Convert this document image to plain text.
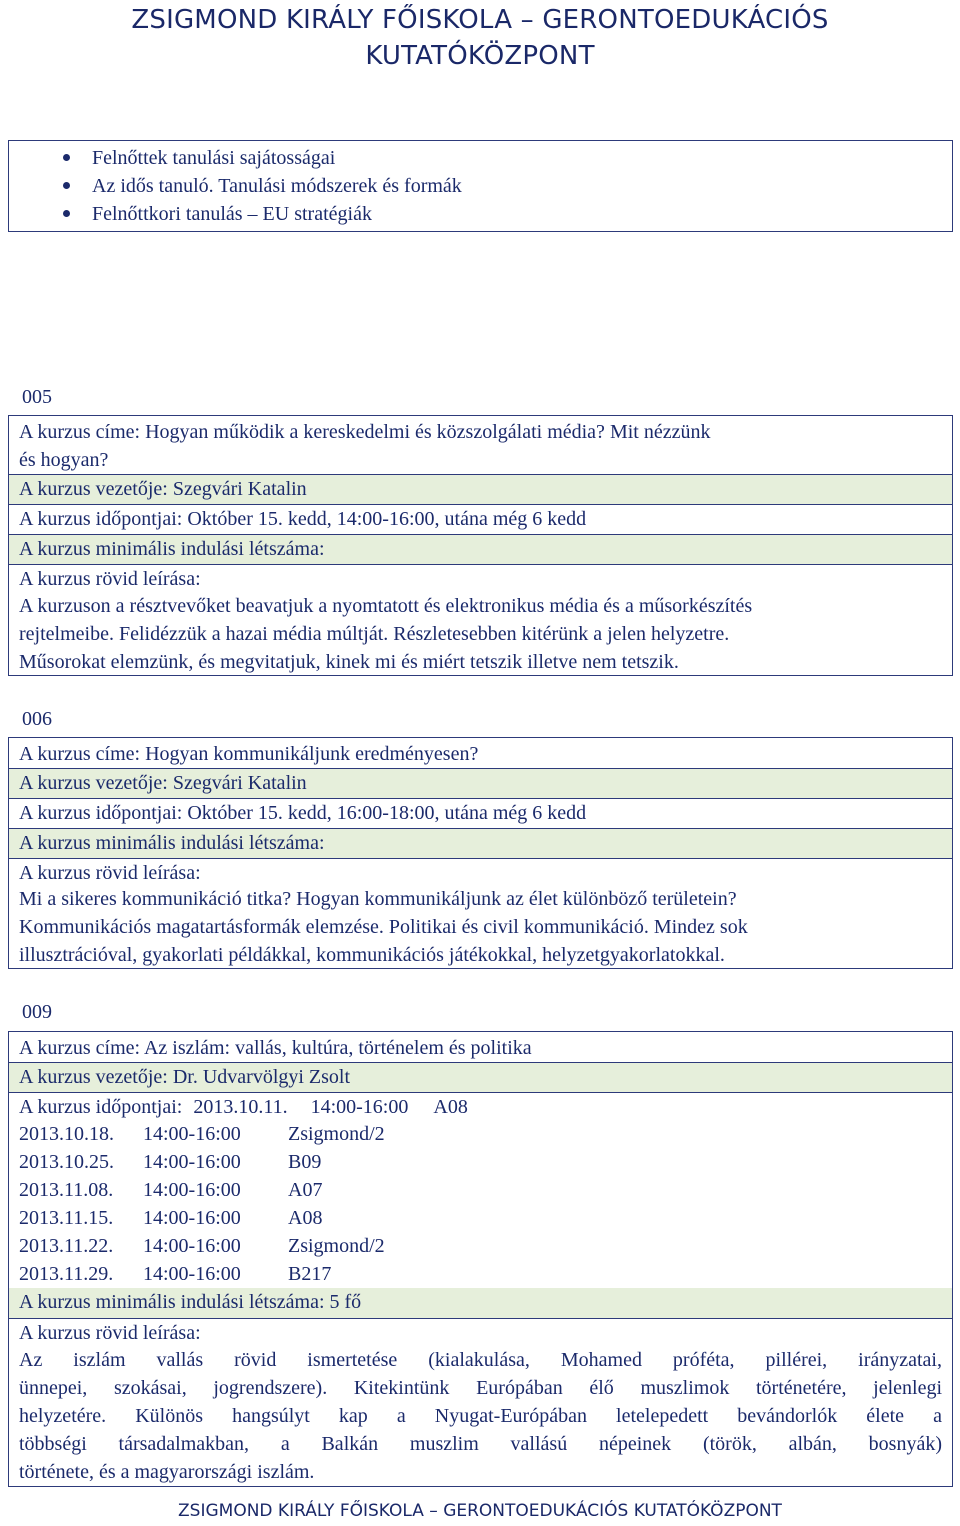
ZSIGMOND KIRÁLY FŐISKOLA – GERONTOEDUKÁCIÓS
KUTATÓKÖZPONT
Felnőttek tanulási sajátosságai
Az idős tanuló. Tanulási módszerek és formák
Felnőttkori tanulás – EU stratégiák
005
A kurzus címe: Hogyan működik a kereskedelmi és közszolgálati média? Mit nézzünk
és hogyan?
A kurzus vezetője: Szegvári Katalin
A kurzus időpontjai: Október 15. kedd, 14:00-16:00, utána még 6 kedd
A kurzus minimális indulási létszáma:
A kurzus rövid leírása:
A kurzuson a résztvevőket beavatjuk a nyomtatott és elektronikus média és a műsorkészítés
rejtelmeibe. Felidézzük a hazai média múltját. Részletesebben kitérünk a jelen helyzetre.
Műsorokat elemzünk, és megvitatjuk, kinek mi és miért tetszik illetve nem tetszik.
006
A kurzus címe: Hogyan kommunikáljunk eredményesen?
A kurzus vezetője: Szegvári Katalin
A kurzus időpontjai: Október 15. kedd, 16:00-18:00, utána még 6 kedd
A kurzus minimális indulási létszáma:
A kurzus rövid leírása:
Mi a sikeres kommunikáció titka? Hogyan kommunikáljunk az élet különböző területein?
Kommunikációs magatartásformák elemzése. Politikai és civil kommunikáció. Mindez sok
illusztrációval, gyakorlati példákkal, kommunikációs játékokkal, helyzetgyakorlatokkal.
009
A kurzus címe: Az iszlám: vallás, kultúra, történelem és politika
A kurzus vezetője: Dr. Udvarvölgyi Zsolt
A kurzus időpontjai: 2013.10.11. 14:00-16:00 A08
2013.10.18. 14:00-16:00 Zsigmond/2
2013.10.25. 14:00-16:00 B09
2013.11.08. 14:00-16:00 A07
2013.11.15. 14:00-16:00 A08
2013.11.22. 14:00-16:00 Zsigmond/2
2013.11.29. 14:00-16:00 B217
A kurzus minimális indulási létszáma: 5 fő
A kurzus rövid leírása:
Az iszlám vallás rövid ismertetése (kialakulása, Mohamed próféta, pillérei, irányzatai,
ünnepei, szokásai, jogrendszere). Kitekintünk Európában élő muszlimok történetére, jelenlegi
helyzetére. Különös hangsúlyt kap a Nyugat-Európában letelepedett bevándorlók élete a
többségi társadalmakban, a Balkán muszlim vallású népeinek (török, albán, bosnyák)
története, és a magyarországi iszlám.
ZSIGMOND KIRÁLY FŐISKOLA – GERONTOEDUKÁCIÓS KUTATÓKÖZPONT
